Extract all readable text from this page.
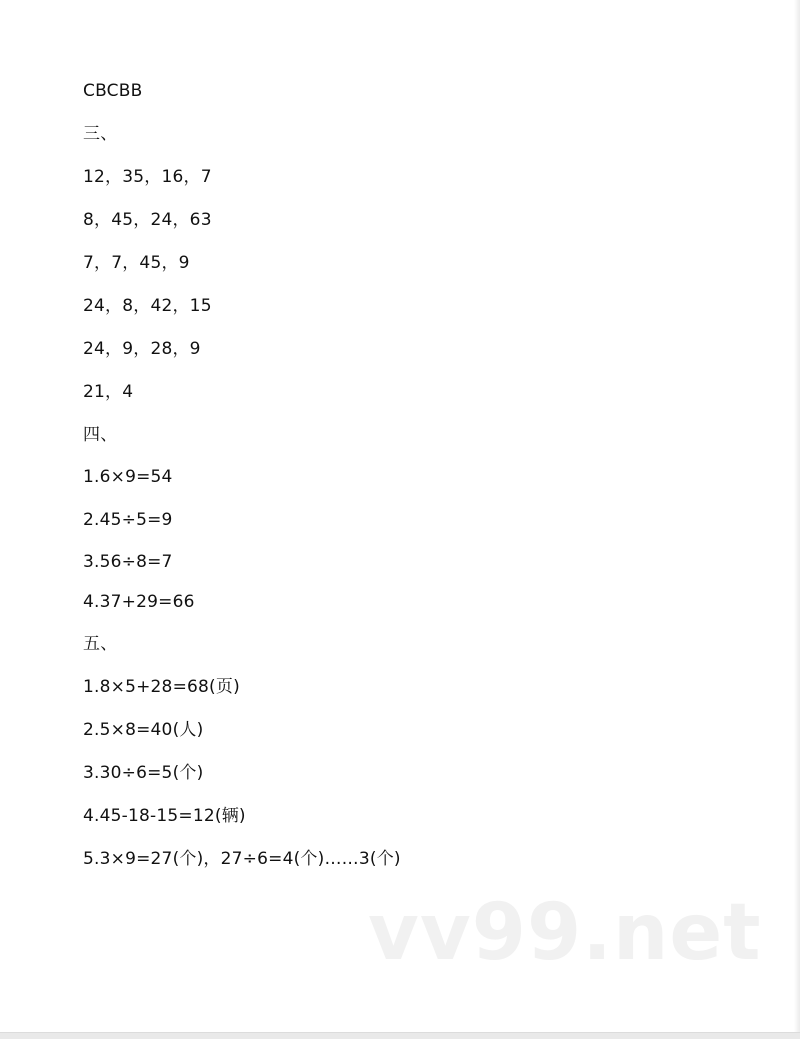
CBCBB
三、
12，35，16，7
8，45，24，63
7，7，45，9
24，8，42，15
24，9，28，9
21，4
四、
1.6×9=54
2.45÷5=9
3.56÷8=7
4.37+29=66
五、
1.8×5+28=68(页)
2.5×8=40(人)
3.30÷6=5(个)
4.45-18-15=12(辆)
5.3×9=27(个)，27÷6=4(个)……3(个)
vv99.net
